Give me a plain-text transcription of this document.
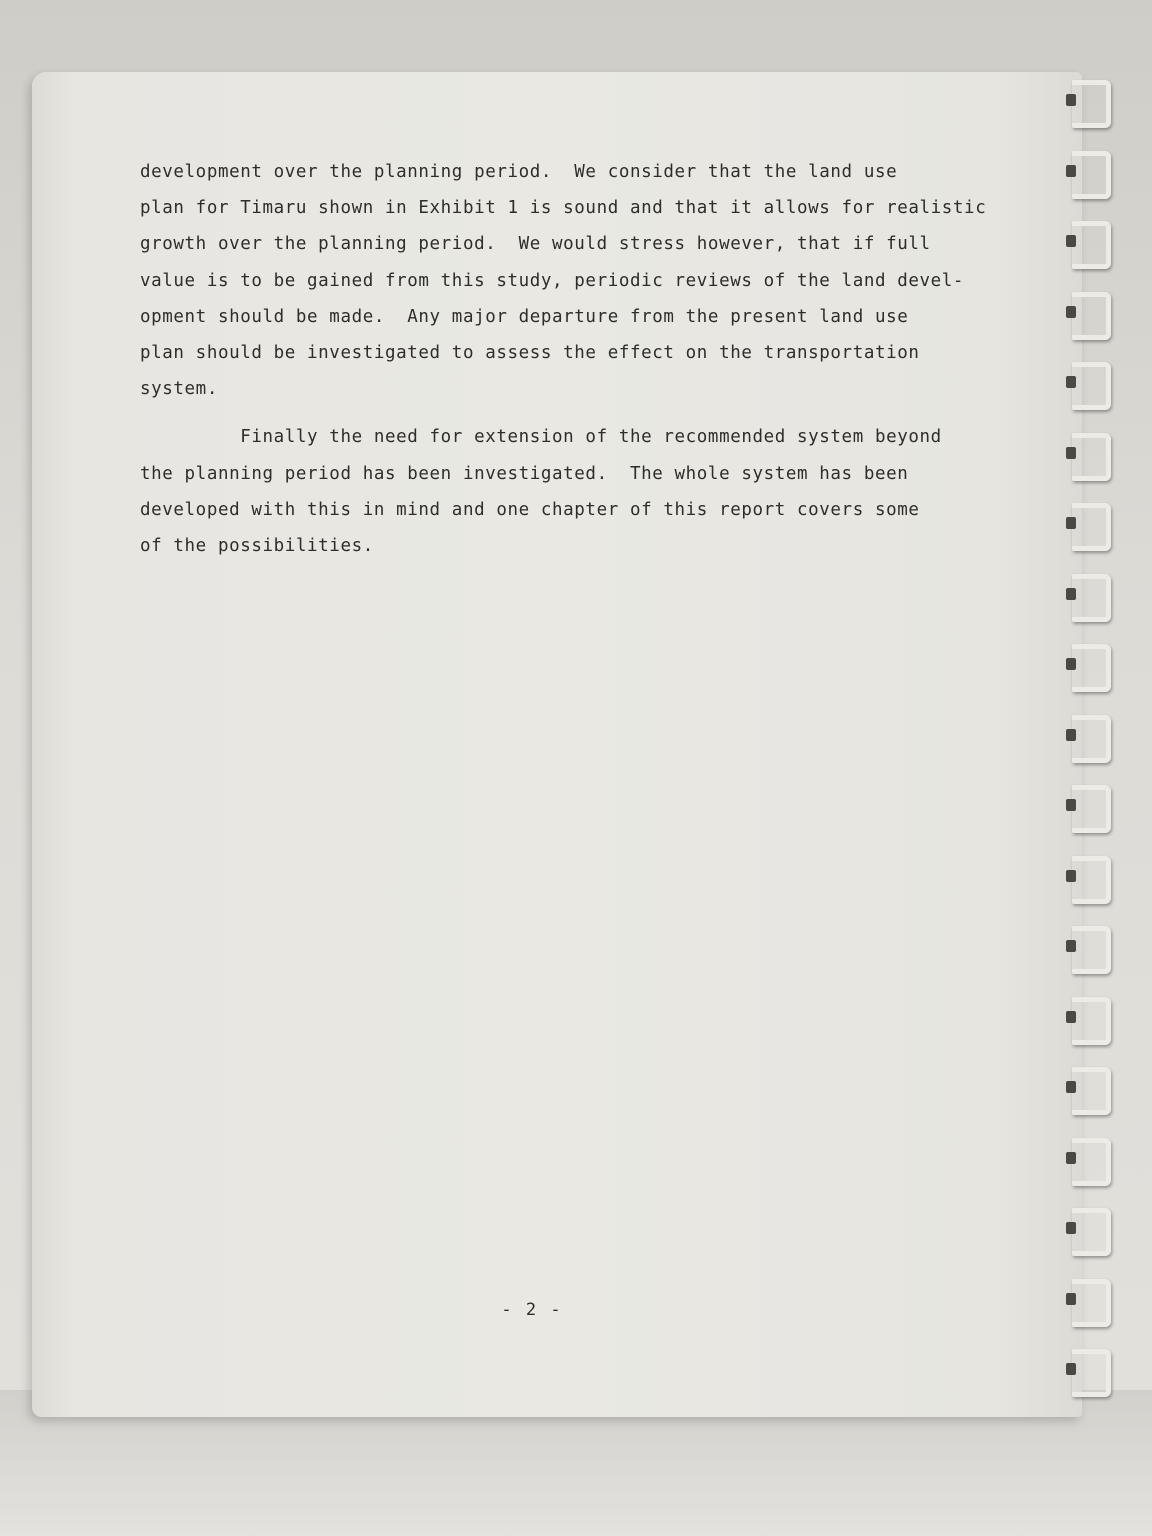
development over the planning period.  We consider that the land use
plan for Timaru shown in Exhibit 1 is sound and that it allows for realistic
growth over the planning period.  We would stress however, that if full
value is to be gained from this study, periodic reviews of the land devel-
opment should be made.  Any major departure from the present land use
plan should be investigated to assess the effect on the transportation
system.

Finally the need for extension of the recommended system beyond
the planning period has been investigated.  The whole system has been
developed with this in mind and one chapter of this report covers some
of the possibilities.

- 2 -
